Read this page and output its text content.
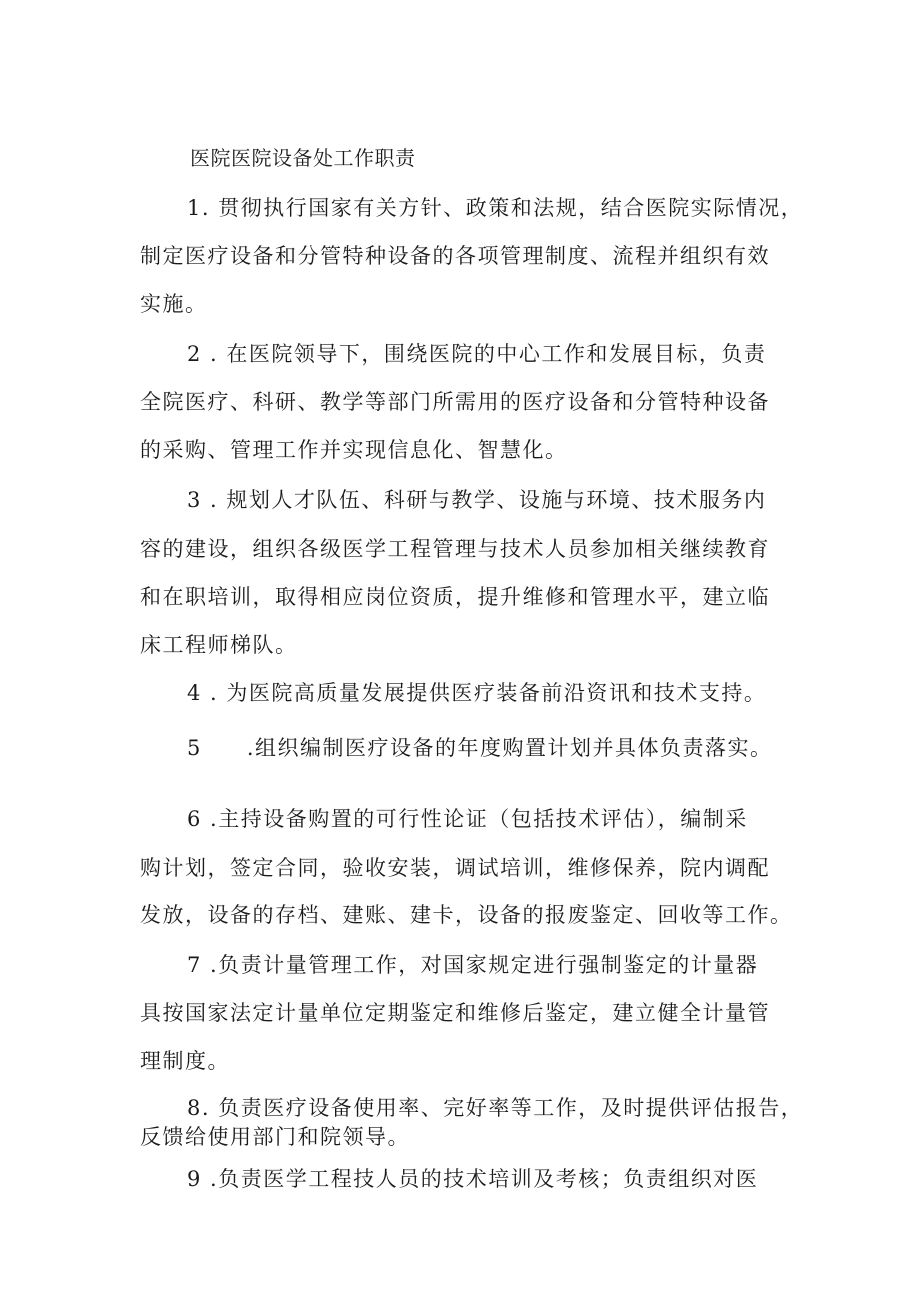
医院医院设备处工作职责
1. 贯彻执行国家有关方针、政策和法规，结合医院实际情况，
制定医疗设备和分管特种设备的各项管理制度、流程并组织有效
实施。
2 . 在医院领导下，围绕医院的中心工作和发展目标，负责
全院医疗、科研、教学等部门所需用的医疗设备和分管特种设备
的采购、管理工作并实现信息化、智慧化。
3 . 规划人才队伍、科研与教学、设施与环境、技术服务内
容的建设，组织各级医学工程管理与技术人员参加相关继续教育
和在职培训，取得相应岗位资质，提升维修和管理水平，建立临
床工程师梯队。
4 . 为医院高质量发展提供医疗装备前沿资讯和技术支持。
5　　.组织编制医疗设备的年度购置计划并具体负责落实。
6 .主持设备购置的可行性论证（包括技术评估），编制采
购计划，签定合同，验收安装，调试培训，维修保养，院内调配
发放，设备的存档、建账、建卡，设备的报废鉴定、回收等工作。
7 .负责计量管理工作，对国家规定进行强制鉴定的计量器
具按国家法定计量单位定期鉴定和维修后鉴定，建立健全计量管
理制度。
8. 负责医疗设备使用率、完好率等工作，及时提供评估报告，
反馈给使用部门和院领导。
9 .负责医学工程技人员的技术培训及考核；负责组织对医
